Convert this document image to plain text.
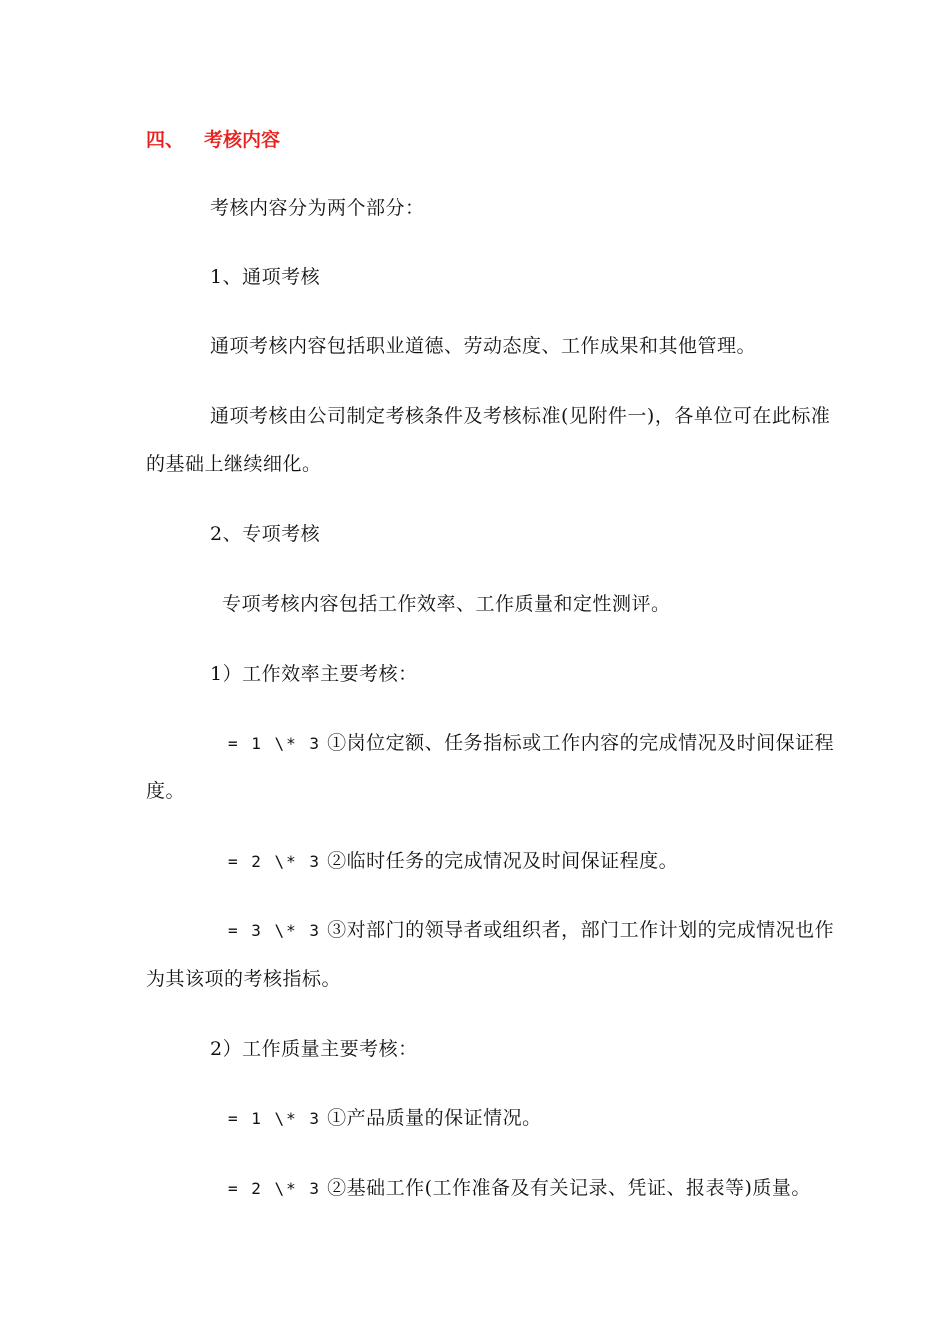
四、 考核内容
考核内容分为两个部分：
1、通项考核
通项考核内容包括职业道德、劳动态度、工作成果和其他管理。
通项考核由公司制定考核条件及考核标准(见附件一)，各单位可在此标准
的基础上继续细化。
2、专项考核
专项考核内容包括工作效率、工作质量和定性测评。
1）工作效率主要考核：
= 1 \* 3 ①岗位定额、任务指标或工作内容的完成情况及时间保证程
度。
= 2 \* 3 ②临时任务的完成情况及时间保证程度。
= 3 \* 3 ③对部门的领导者或组织者，部门工作计划的完成情况也作
为其该项的考核指标。
2）工作质量主要考核：
= 1 \* 3 ①产品质量的保证情况。
= 2 \* 3 ②基础工作(工作准备及有关记录、凭证、报表等)质量。
